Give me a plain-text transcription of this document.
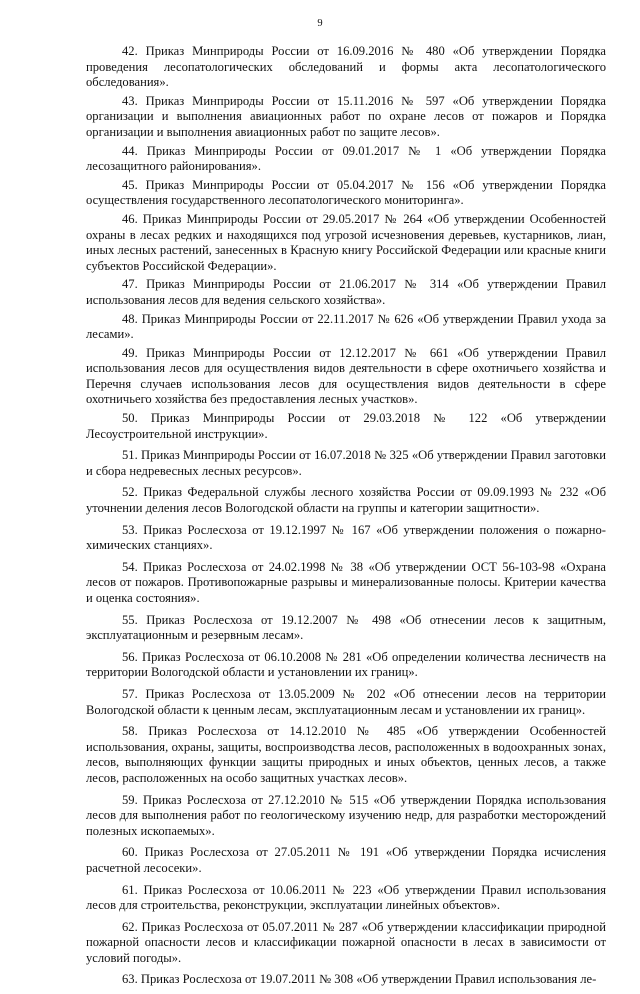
9

42. Приказ Минприроды России от 16.09.2016 № 480 «Об утверждении Порядка проведения лесопатологических обследований и формы акта лесопатологического обследования».

43. Приказ Минприроды России от 15.11.2016 № 597 «Об утверждении Порядка организации и выполнения авиационных работ по охране лесов от пожаров и Порядка организации и выполнения авиационных работ по защите лесов».

44. Приказ Минприроды России от 09.01.2017 № 1 «Об утверждении Порядка лесозащитного районирования».

45. Приказ Минприроды России от 05.04.2017 № 156 «Об утверждении Порядка осуществления государственного лесопатологического мониторинга».

46. Приказ Минприроды России от 29.05.2017 № 264 «Об утверждении Особенностей охраны в лесах редких и находящихся под угрозой исчезновения деревьев, кустарников, лиан, иных лесных растений, занесенных в Красную книгу Российской Федерации или красные книги субъектов Российской Федерации».

47. Приказ Минприроды России от 21.06.2017 № 314 «Об утверждении Правил использования лесов для ведения сельского хозяйства».

48. Приказ Минприроды России от 22.11.2017 № 626 «Об утверждении Правил ухода за лесами».

49. Приказ Минприроды России от 12.12.2017 № 661 «Об утверждении Правил использования лесов для осуществления видов деятельности в сфере охотничьего хозяйства и Перечня случаев использования лесов для осуществления видов деятельности в сфере охотничьего хозяйства без предоставления лесных участков».

50. Приказ Минприроды России от 29.03.2018 № 122 «Об утверждении Лесоустроительной инструкции».

51. Приказ Минприроды России от 16.07.2018 № 325 «Об утверждении Правил заготовки и сбора недревесных лесных ресурсов».

52. Приказ Федеральной службы лесного хозяйства России от 09.09.1993 № 232 «Об уточнении деления лесов Вологодской области на группы и категории защитности».

53. Приказ Рослесхоза от 19.12.1997 № 167 «Об утверждении положения о пожарно-химических станциях».

54. Приказ Рослесхоза от 24.02.1998 № 38 «Об утверждении ОСТ 56-103-98 «Охрана лесов от пожаров. Противопожарные разрывы и минерализованные полосы. Критерии качества и оценка состояния».

55. Приказ Рослесхоза от 19.12.2007 № 498 «Об отнесении лесов к защитным, эксплуатационным и резервным лесам».

56. Приказ Рослесхоза от 06.10.2008 № 281 «Об определении количества лесничеств на территории Вологодской области и установлении их границ».

57. Приказ Рослесхоза от 13.05.2009 № 202 «Об отнесении лесов на территории Вологодской области к ценным лесам, эксплуатационным лесам и установлении их границ».

58. Приказ Рослесхоза от 14.12.2010 № 485 «Об утверждении Особенностей использования, охраны, защиты, воспроизводства лесов, расположенных в водоохранных зонах, лесов, выполняющих функции защиты природных и иных объектов, ценных лесов, а также лесов, расположенных на особо защитных участках лесов».

59. Приказ Рослесхоза от 27.12.2010 № 515 «Об утверждении Порядка использования лесов для выполнения работ по геологическому изучению недр, для разработки месторождений полезных ископаемых».

60. Приказ Рослесхоза от 27.05.2011 № 191 «Об утверждении Порядка исчисления расчетной лесосеки».

61. Приказ Рослесхоза от 10.06.2011 № 223 «Об утверждении Правил использования лесов для строительства, реконструкции, эксплуатации линейных объектов».

62. Приказ Рослесхоза от 05.07.2011 № 287 «Об утверждении классификации природной пожарной опасности лесов и классификации пожарной опасности в лесах в зависимости от условий погоды».

63. Приказ Рослесхоза от 19.07.2011 № 308 «Об утверждении Правил использования ле-
